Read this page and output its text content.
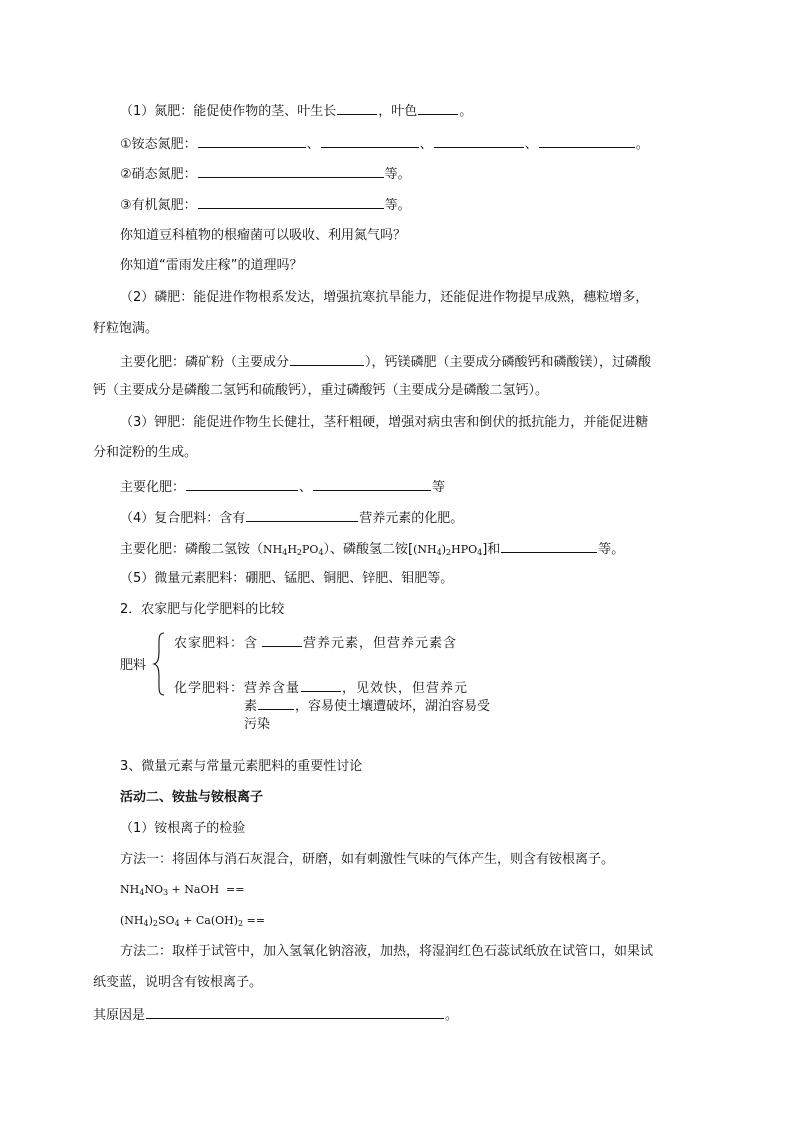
（1）氮肥：能促使作物的茎、叶生长	，叶色	。
①铵态氮肥：	、	、	、	。
②硝态氮肥：	等。
③有机氮肥：	等。
你知道豆科植物的根瘤菌可以吸收、利用氮气吗？
你知道“雷雨发庄稼”的道理吗？
（2）磷肥：能促进作物根系发达，增强抗寒抗旱能力，还能促进作物提早成熟，穗粒增多，
籽粒饱满。
主要化肥：磷矿粉（主要成分	），钙镁磷肥（主要成分磷酸钙和磷酸镁），过磷酸
钙（主要成分是磷酸二氢钙和硫酸钙），重过磷酸钙（主要成分是磷酸二氢钙）。
（3）钾肥：能促进作物生长健壮，茎秆粗硬，增强对病虫害和倒伏的抵抗能力，并能促进糖
分和淀粉的生成。
主要化肥：	、	等
（4）复合肥料：含有	营养元素的化肥。
主要化肥：磷酸二氢铵$(NH_4H_2PO_4)$、磷酸氢二铵$[(NH_4)_2HPO_4]$和	等。
（5）微量元素肥料：硼肥、锰肥、铜肥、锌肥、钼肥等。
2．农家肥与化学肥料的比较
肥料
农家肥料：含	营养元素，但营养元素含
化学肥料：营养含量	，见效快，但营养元
素	，容易使土壤遭破坏，湖泊容易受
污染
3、微量元素与常量元素肥料的重要性讨论
活动二、铵盐与铵根离子
（1）铵根离子的检验
方法一：将固体与消石灰混合，研磨，如有刺激性气味的气体产生，则含有铵根离子。
$NH_4NO_3$ + NaOH  ==
$(NH_4)_2SO_4 + Ca(OH)_2$ ==
方法二：取样于试管中，加入氢氧化钠溶液，加热，将湿润红色石蕊试纸放在试管口，如果试
纸变蓝，说明含有铵根离子。
其原因是	。
